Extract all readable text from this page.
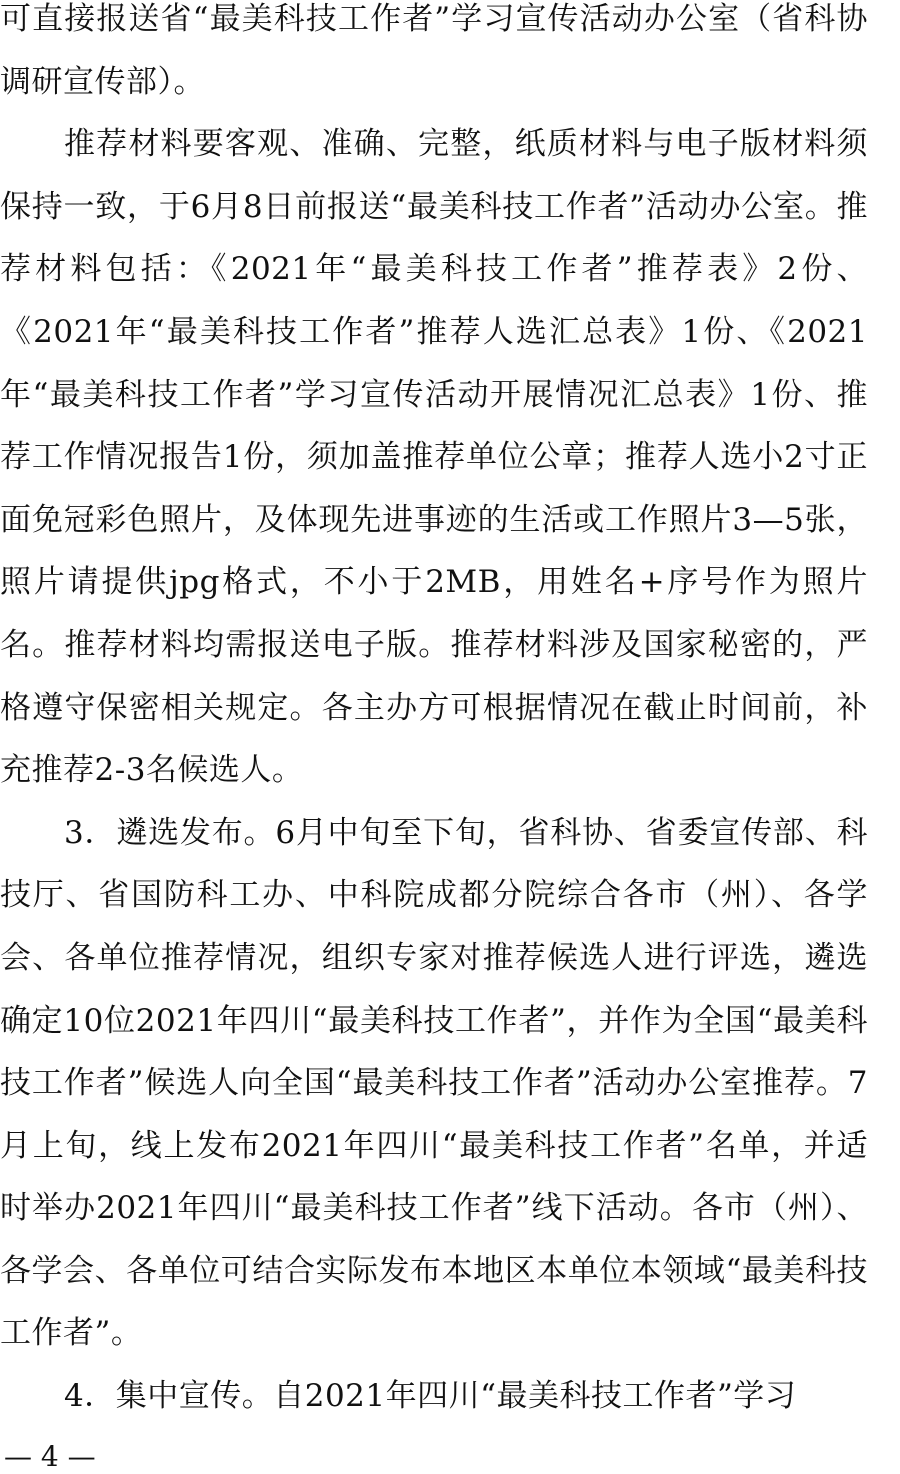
可直接报送省“最美科技工作者”学习宣传活动办公室（省科协调研宣传部）。

推荐材料要客观、准确、完整，纸质材料与电子版材料须保持一致，于6月8日前报送“最美科技工作者”活动办公室。推荐材料包括：《2021年“最美科技工作者”推荐表》2份、《2021年“最美科技工作者”推荐人选汇总表》1份、《2021年“最美科技工作者”学习宣传活动开展情况汇总表》1份、推荐工作情况报告1份，须加盖推荐单位公章；推荐人选小2寸正面免冠彩色照片，及体现先进事迹的生活或工作照片3—5张，照片请提供jpg格式，不小于2MB，用姓名+序号作为照片名。推荐材料均需报送电子版。推荐材料涉及国家秘密的，严格遵守保密相关规定。各主办方可根据情况在截止时间前，补充推荐2-3名候选人。

3．遴选发布。6月中旬至下旬，省科协、省委宣传部、科技厅、省国防科工办、中科院成都分院综合各市（州）、各学会、各单位推荐情况，组织专家对推荐候选人进行评选，遴选确定10位2021年四川“最美科技工作者”，并作为全国“最美科技工作者”候选人向全国“最美科技工作者”活动办公室推荐。7月上旬，线上发布2021年四川“最美科技工作者”名单，并适时举办2021年四川“最美科技工作者”线下活动。各市（州）、各学会、各单位可结合实际发布本地区本单位本领域“最美科技工作者”。

4．集中宣传。自2021年四川“最美科技工作者”学习

— 4 —
